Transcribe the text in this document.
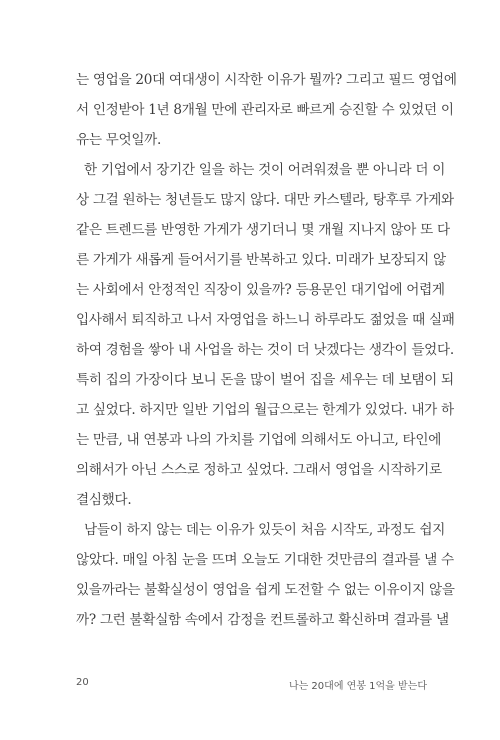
는 영업을 20대 여대생이 시작한 이유가 뭘까? 그리고 필드 영업에
서 인정받아 1년 8개월 만에 관리자로 빠르게 승진할 수 있었던 이
유는 무엇일까.
한 기업에서 장기간 일을 하는 것이 어려워졌을 뿐 아니라 더 이
상 그걸 원하는 청년들도 많지 않다. 대만 카스텔라, 탕후루 가게와
같은 트렌드를 반영한 가게가 생기더니 몇 개월 지나지 않아 또 다
른 가게가 새롭게 들어서기를 반복하고 있다. 미래가 보장되지 않
는 사회에서 안정적인 직장이 있을까? 등용문인 대기업에 어렵게
입사해서 퇴직하고 나서 자영업을 하느니 하루라도 젊었을 때 실패
하여 경험을 쌓아 내 사업을 하는 것이 더 낫겠다는 생각이 들었다.
특히 집의 가장이다 보니 돈을 많이 벌어 집을 세우는 데 보탬이 되
고 싶었다. 하지만 일반 기업의 월급으로는 한계가 있었다. 내가 하
는 만큼, 내 연봉과 나의 가치를 기업에 의해서도 아니고, 타인에
의해서가 아닌 스스로 정하고 싶었다. 그래서 영업을 시작하기로
결심했다.
남들이 하지 않는 데는 이유가 있듯이 처음 시작도, 과정도 쉽지
않았다. 매일 아침 눈을 뜨며 오늘도 기대한 것만큼의 결과를 낼 수
있을까라는 불확실성이 영업을 쉽게 도전할 수 없는 이유이지 않을
까? 그런 불확실함 속에서 감정을 컨트롤하고 확신하며 결과를 낼
20	나는 20대에 연봉 1억을 받는다
